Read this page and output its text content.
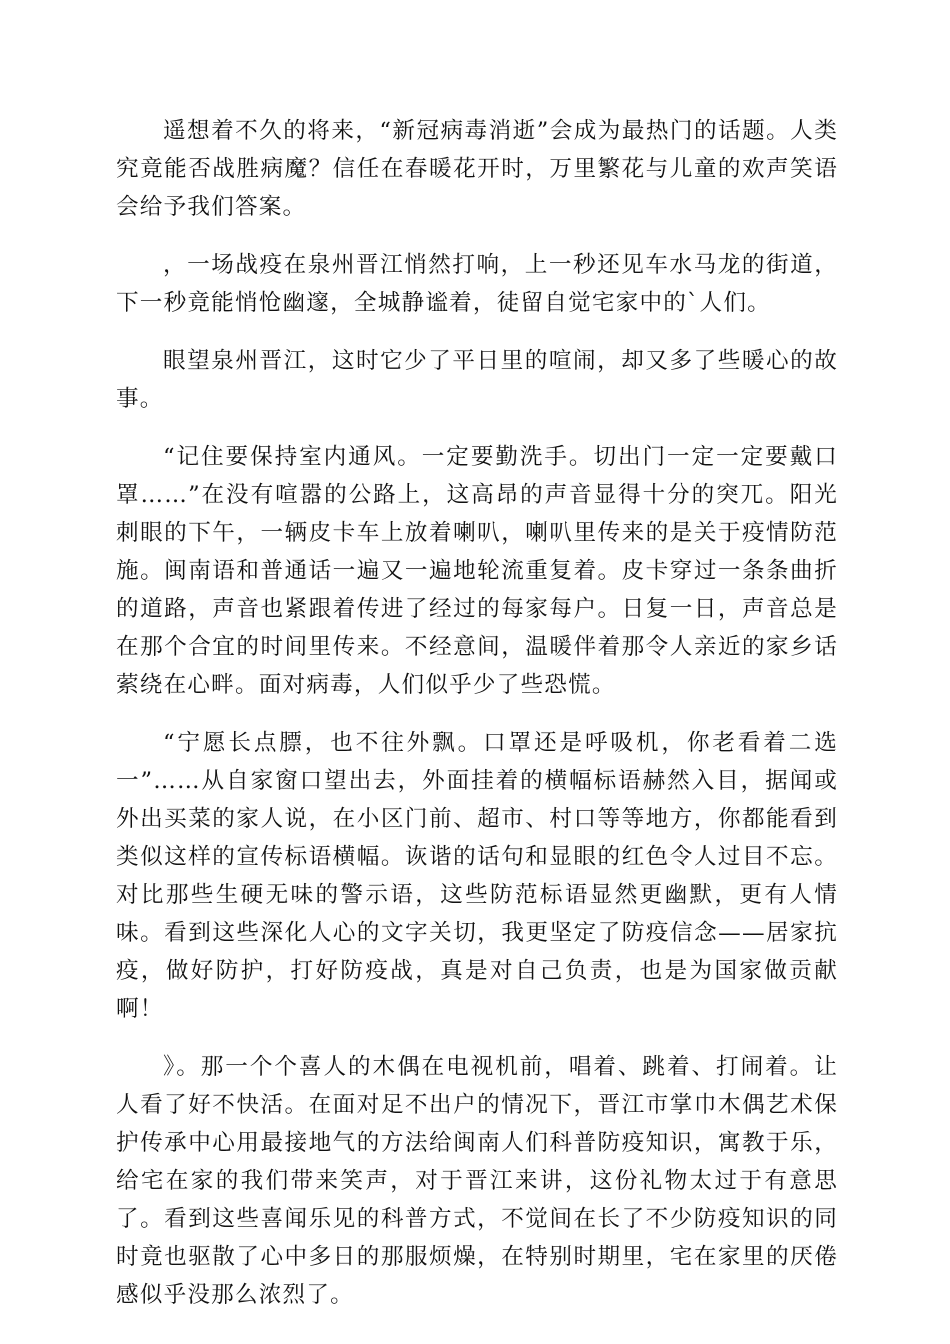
遥想着不久的将来，“新冠病毒消逝”会成为最热门的话题。人类究竟能否战胜病魔？信任在春暖花开时，万里繁花与儿童的欢声笑语会给予我们答案。

，一场战疫在泉州晋江悄然打响，上一秒还见车水马龙的街道，下一秒竟能悄怆幽邃，全城静谧着，徒留自觉宅家中的`人们。

眼望泉州晋江，这时它少了平日里的喧闹，却又多了些暖心的故事。

“记住要保持室内通风。一定要勤洗手。切出门一定一定要戴口罩……”在没有喧嚣的公路上，这高昂的声音显得十分的突兀。阳光刺眼的下午，一辆皮卡车上放着喇叭，喇叭里传来的是关于疫情防范施。闽南语和普通话一遍又一遍地轮流重复着。皮卡穿过一条条曲折的道路，声音也紧跟着传进了经过的每家每户。日复一日，声音总是在那个合宜的时间里传来。不经意间，温暖伴着那令人亲近的家乡话萦绕在心畔。面对病毒，人们似乎少了些恐慌。

“宁愿长点膘，也不往外飘。口罩还是呼吸机，你老看着二选一”……从自家窗口望出去，外面挂着的横幅标语赫然入目，据闻或外出买菜的家人说，在小区门前、超市、村口等等地方，你都能看到类似这样的宣传标语横幅。诙谐的话句和显眼的红色令人过目不忘。对比那些生硬无味的警示语，这些防范标语显然更幽默，更有人情味。看到这些深化人心的文字关切，我更坚定了防疫信念——居家抗疫，做好防护，打好防疫战，真是对自己负责，也是为国家做贡献啊！

》。那一个个喜人的木偶在电视机前，唱着、跳着、打闹着。让人看了好不快活。在面对足不出户的情况下，晋江市掌巾木偶艺术保护传承中心用最接地气的方法给闽南人们科普防疫知识，寓教于乐，给宅在家的我们带来笑声，对于晋江来讲，这份礼物太过于有意思了。看到这些喜闻乐见的科普方式，不觉间在长了不少防疫知识的同时竟也驱散了心中多日的那服烦燥，在特别时期里，宅在家里的厌倦感似乎没那么浓烈了。
